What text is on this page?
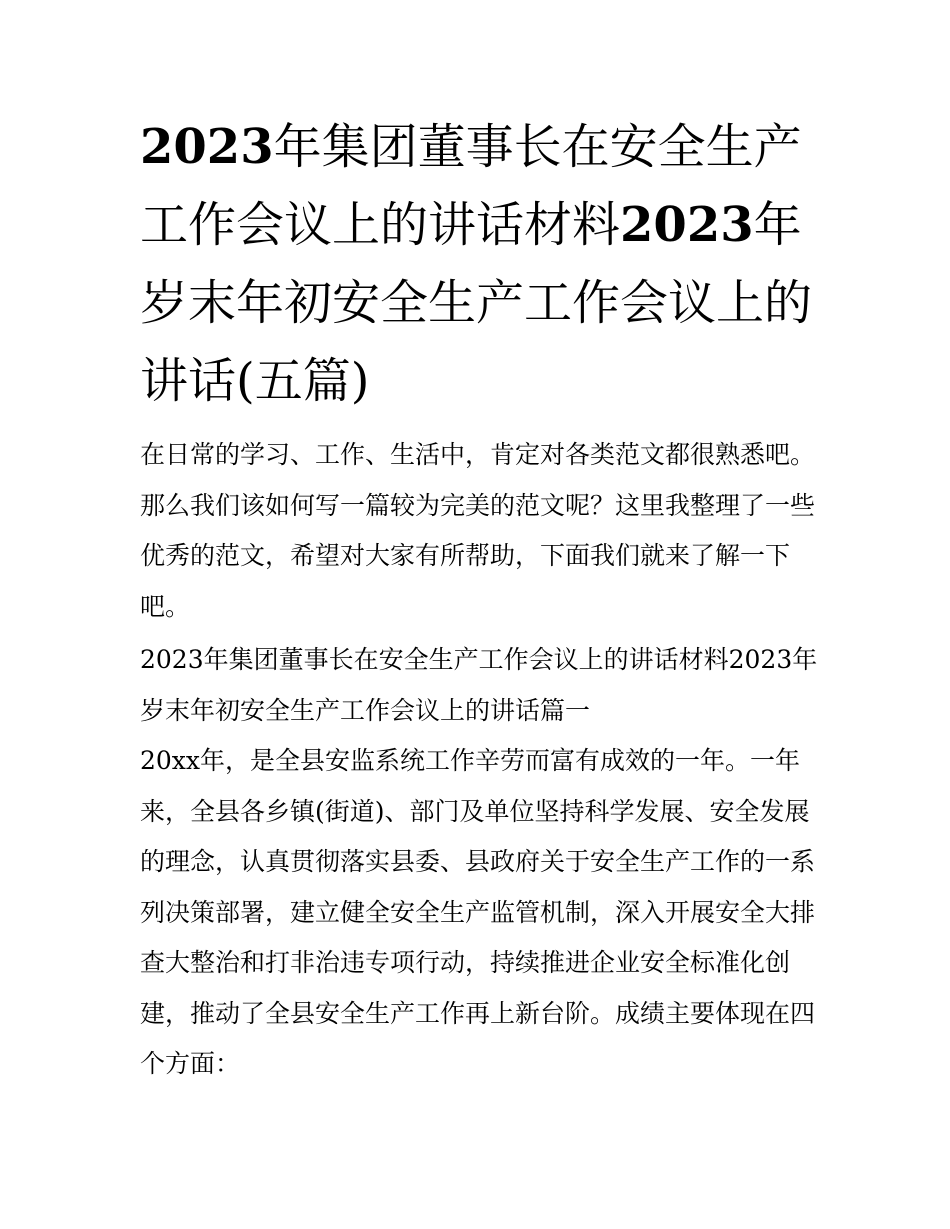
2023年集团董事长在安全生产工作会议上的讲话材料2023年岁末年初安全生产工作会议上的讲话(五篇)

在日常的学习、工作、生活中，肯定对各类范文都很熟悉吧。那么我们该如何写一篇较为完美的范文呢？这里我整理了一些优秀的范文，希望对大家有所帮助，下面我们就来了解一下吧。

2023年集团董事长在安全生产工作会议上的讲话材料2023年岁末年初安全生产工作会议上的讲话篇一

20xx年，是全县安监系统工作辛劳而富有成效的一年。一年来，全县各乡镇(街道)、部门及单位坚持科学发展、安全发展的理念，认真贯彻落实县委、县政府关于安全生产工作的一系列决策部署，建立健全安全生产监管机制，深入开展安全大排查大整治和打非治违专项行动，持续推进企业安全标准化创建，推动了全县安全生产工作再上新台阶。成绩主要体现在四个方面：
